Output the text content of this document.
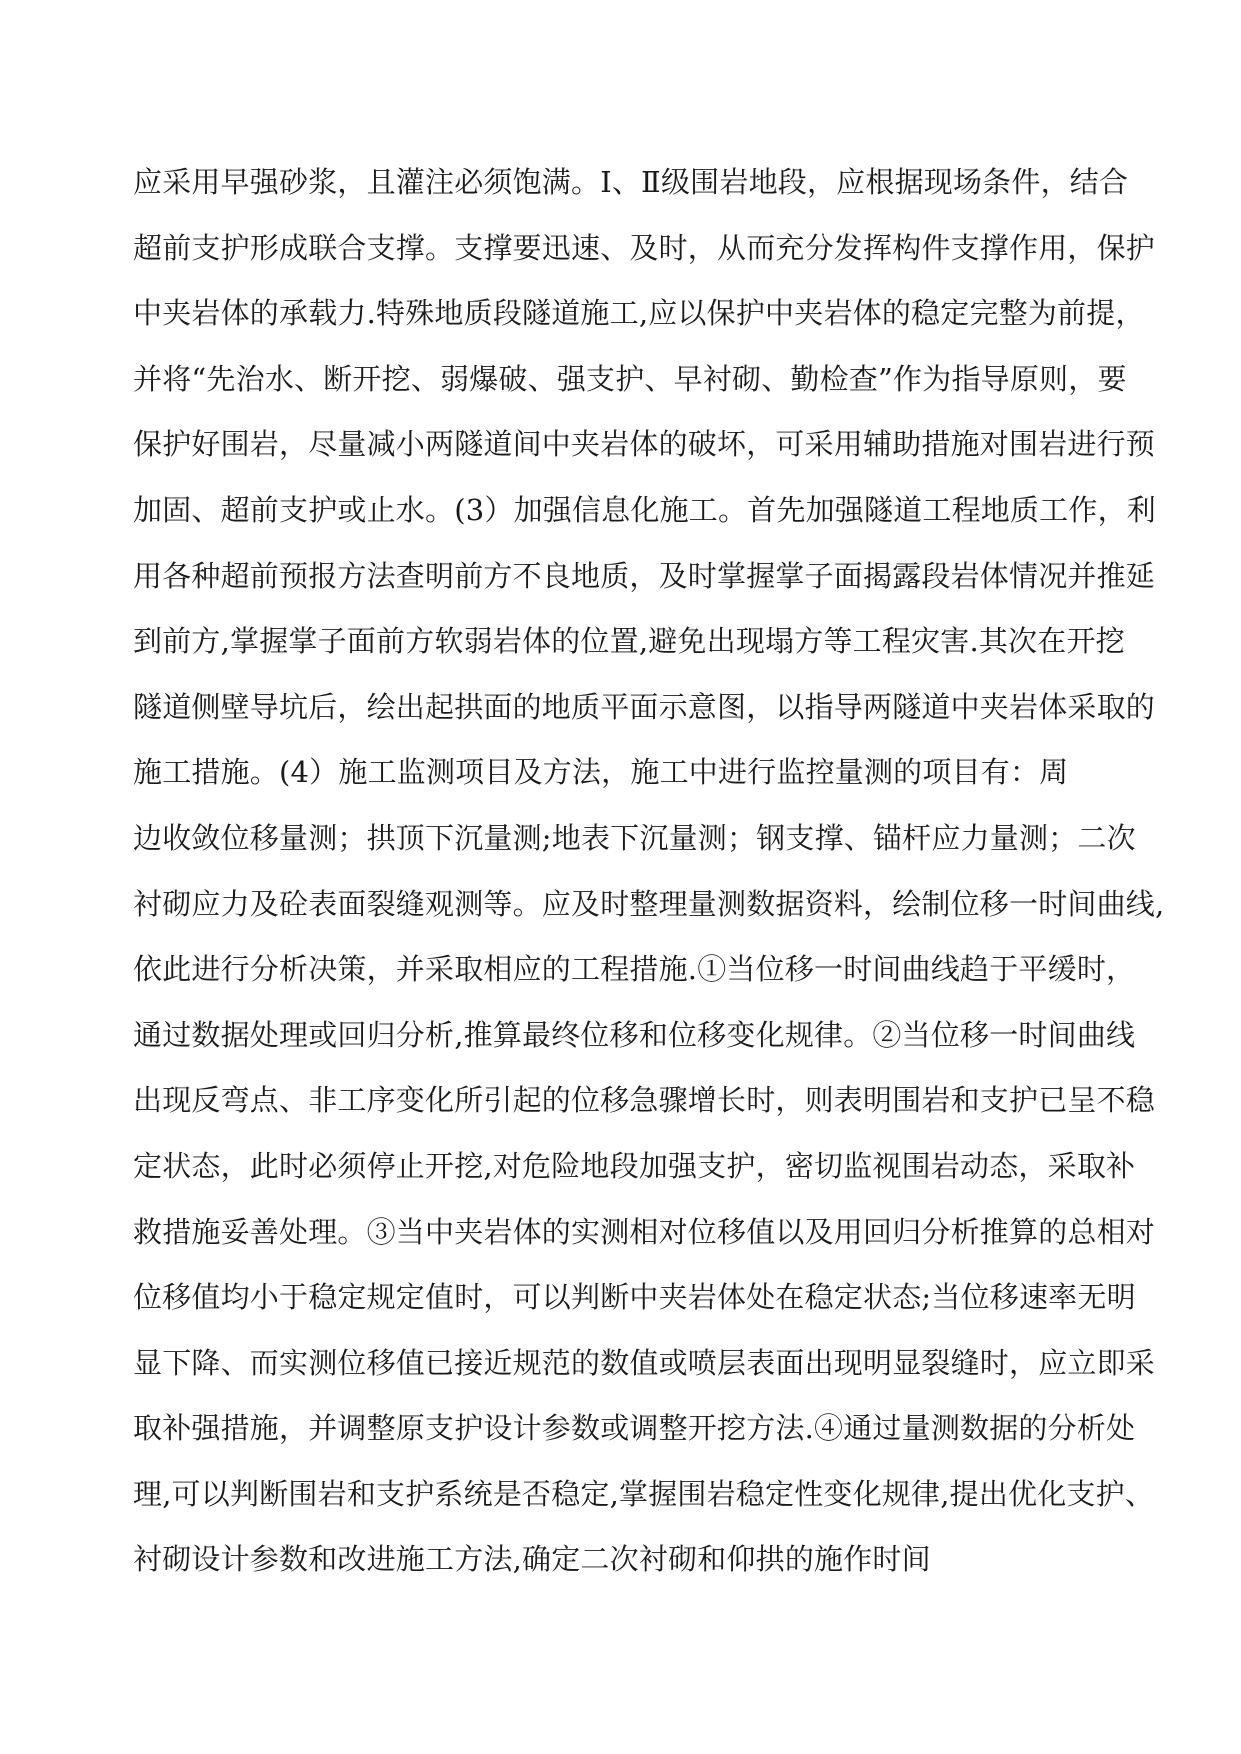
应采用早强砂浆，且灌注必须饱满。Ⅰ、Ⅱ级围岩地段，应根据现场条件，结合
超前支护形成联合支撑。支撑要迅速、及时，从而充分发挥构件支撑作用，保护
中夹岩体的承载力.特殊地质段隧道施工,应以保护中夹岩体的稳定完整为前提，
并将“先治水、断开挖、弱爆破、强支护、早衬砌、勤检查”作为指导原则，要
保护好围岩，尽量减小两隧道间中夹岩体的破坏，可采用辅助措施对围岩进行预
加固、超前支护或止水。(3）加强信息化施工。首先加强隧道工程地质工作，利
用各种超前预报方法查明前方不良地质，及时掌握掌子面揭露段岩体情况并推延
到前方,掌握掌子面前方软弱岩体的位置,避免出现塌方等工程灾害.其次在开挖
隧道侧壁导坑后，绘出起拱面的地质平面示意图，以指导两隧道中夹岩体采取的
施工措施。(4）施工监测项目及方法，施工中进行监控量测的项目有：周
边收敛位移量测；拱顶下沉量测;地表下沉量测；钢支撑、锚杆应力量测；二次
衬砌应力及砼表面裂缝观测等。应及时整理量测数据资料，绘制位移一时间曲线,
依此进行分析决策，并采取相应的工程措施.①当位移一时间曲线趋于平缓时，
通过数据处理或回归分析,推算最终位移和位移变化规律。②当位移一时间曲线
出现反弯点、非工序变化所引起的位移急骤增长时，则表明围岩和支护已呈不稳
定状态，此时必须停止开挖,对危险地段加强支护，密切监视围岩动态，采取补
救措施妥善处理。③当中夹岩体的实测相对位移值以及用回归分析推算的总相对
位移值均小于稳定规定值时，可以判断中夹岩体处在稳定状态;当位移速率无明
显下降、而实测位移值已接近规范的数值或喷层表面出现明显裂缝时，应立即采
取补强措施，并调整原支护设计参数或调整开挖方法.④通过量测数据的分析处
理,可以判断围岩和支护系统是否稳定,掌握围岩稳定性变化规律,提出优化支护、
衬砌设计参数和改进施工方法,确定二次衬砌和仰拱的施作时间
